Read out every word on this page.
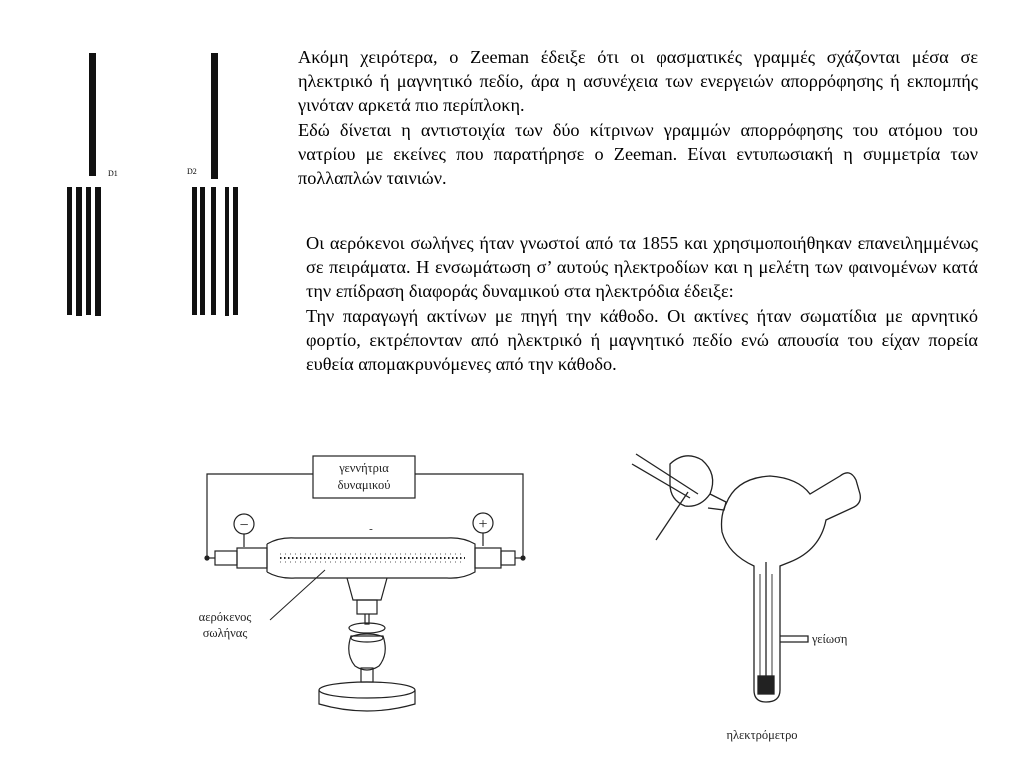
Ακόμη χειρότερα, ο Zeeman έδειξε ότι οι φασματικές γραμμές σχάζονται μέσα σε ηλεκτρικό ή μαγνητικό πεδίο, άρα η ασυνέχεια των ενεργειών απορρόφησης ή εκπομπής γινόταν αρκετά πιο περίπλοκη.
Εδώ δίνεται η αντιστοιχία των δύο κίτρινων γραμμών απορρόφησης του ατόμου του νατρίου με εκείνες που παρατήρησε ο Zeeman. Είναι εντυπωσιακή η συμμετρία των πολλαπλών ταινιών.
Οι αερόκενοι σωλήνες ήταν γνωστοί από τα 1855 και χρησιμοποιήθηκαν επανειλημμένως σε πειράματα. Η ενσωμάτωση σ’ αυτούς ηλεκτροδίων και η μελέτη των φαινομένων κατά την επίδραση διαφοράς δυναμικού στα ηλεκτρόδια έδειξε:
Την παραγωγή ακτίνων με πηγή την κάθοδο. Οι ακτίνες ήταν σωματίδια με αρνητικό φορτίο, εκτρέπονταν από ηλεκτρικό ή μαγνητικό πεδίο ενώ απουσία του είχαν πορεία ευθεία απομακρυνόμενες από την κάθοδο.
D1	D2
γεννήτρια
δυναμικού
−	+
-
αερόκενος
σωλήνας	γείωση
ηλεκτρόμετρο
